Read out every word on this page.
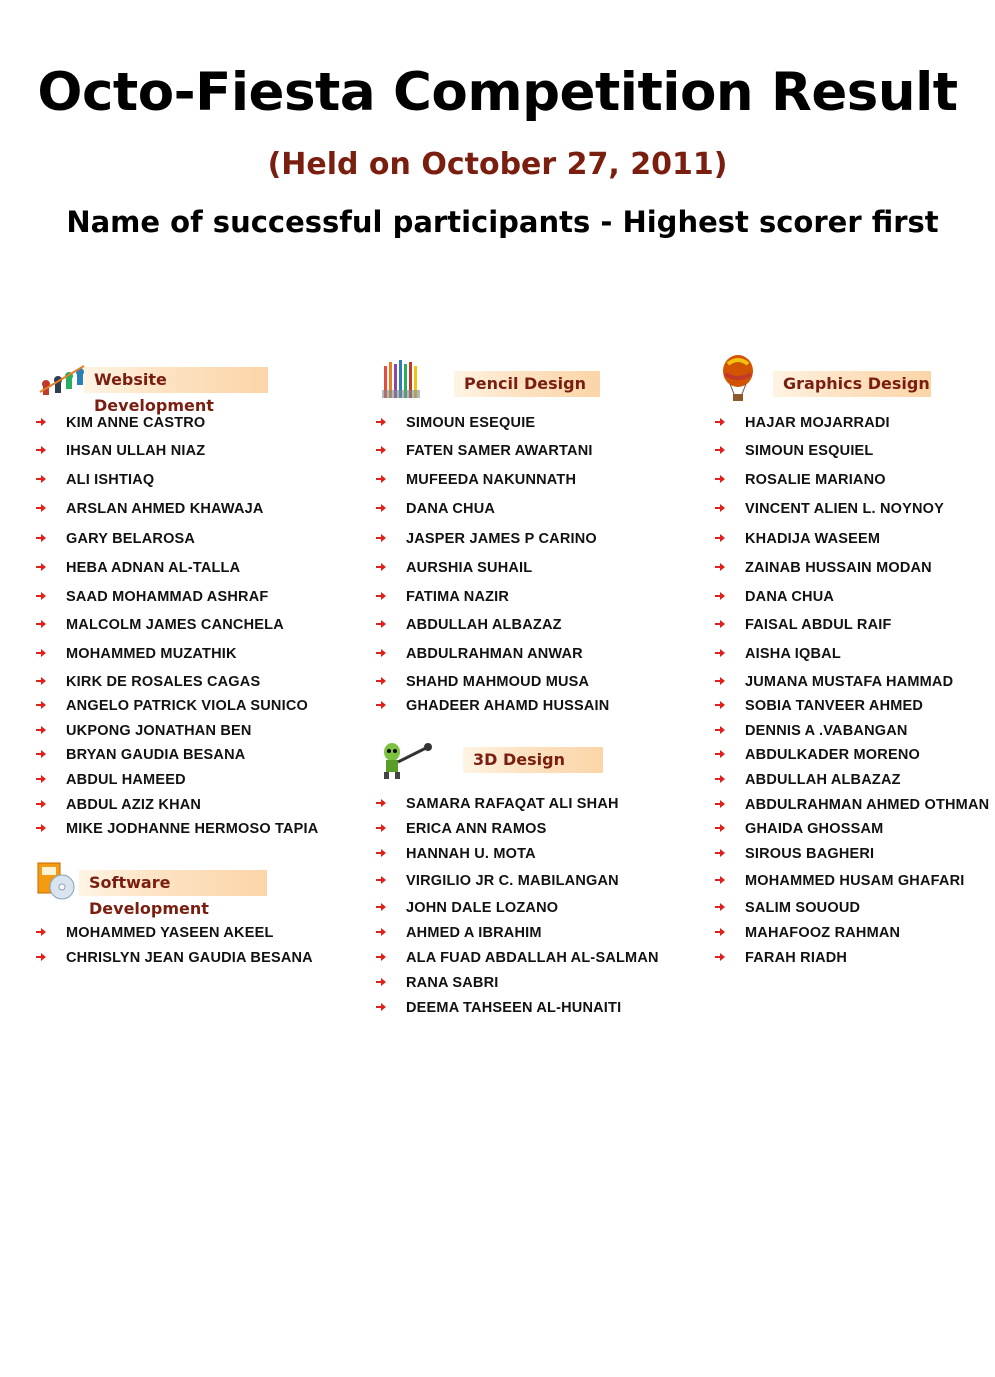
Octo-Fiesta Competition Result
(Held on October 27, 2011)
Name of successful participants - Highest scorer first
Website Development
KIM ANNE CASTRO
IHSAN ULLAH NIAZ
ALI ISHTIAQ
ARSLAN AHMED KHAWAJA
GARY BELAROSA
HEBA ADNAN AL-TALLA
SAAD MOHAMMAD ASHRAF
MALCOLM JAMES CANCHELA
MOHAMMED MUZATHIK
KIRK DE ROSALES CAGAS
ANGELO PATRICK VIOLA SUNICO
UKPONG JONATHAN BEN
BRYAN GAUDIA BESANA
ABDUL HAMEED
ABDUL AZIZ KHAN
MIKE JODHANNE HERMOSO TAPIA
Software Development
MOHAMMED YASEEN AKEEL
CHRISLYN JEAN GAUDIA BESANA
Pencil Design
SIMOUN ESEQUIE
FATEN SAMER AWARTANI
MUFEEDA NAKUNNATH
DANA CHUA
JASPER JAMES P CARINO
AURSHIA SUHAIL
FATIMA NAZIR
ABDULLAH ALBAZAZ
ABDULRAHMAN ANWAR
SHAHD MAHMOUD MUSA
GHADEER AHAMD HUSSAIN
3D Design
SAMARA RAFAQAT ALI SHAH
ERICA ANN RAMOS
HANNAH U. MOTA
VIRGILIO JR C. MABILANGAN
JOHN DALE LOZANO
AHMED A IBRAHIM
ALA FUAD ABDALLAH AL-SALMAN
RANA SABRI
DEEMA TAHSEEN AL-HUNAITI
Graphics Design
HAJAR MOJARRADI
SIMOUN ESQUIEL
ROSALIE MARIANO
VINCENT ALIEN L. NOYNOY
KHADIJA WASEEM
ZAINAB HUSSAIN MODAN
DANA CHUA
FAISAL ABDUL RAIF
AISHA IQBAL
JUMANA MUSTAFA HAMMAD
SOBIA TANVEER AHMED
DENNIS A .VABANGAN
ABDULKADER MORENO
ABDULLAH ALBAZAZ
ABDULRAHMAN AHMED OTHMAN
GHAIDA GHOSSAM
SIROUS BAGHERI
MOHAMMED HUSAM GHAFARI
SALIM SOUOUD
MAHAFOOZ RAHMAN
FARAH RIADH
